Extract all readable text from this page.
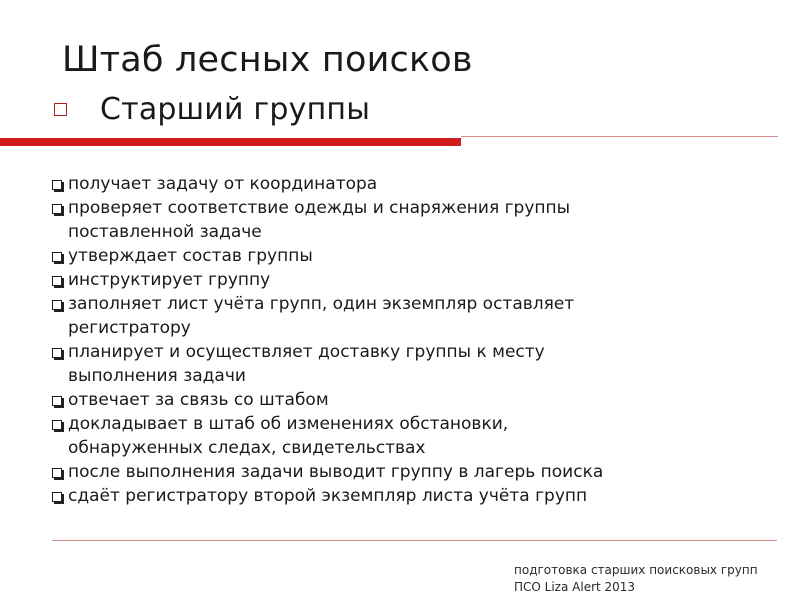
Штаб лесных поисков
Старший группы
получает задачу от координатора
проверяет соответствие одежды и снаряжения группы
поставленной задаче
утверждает состав группы
инструктирует группу
заполняет лист учёта групп, один экземпляр оставляет
регистратору
планирует и осуществляет доставку группы к месту
выполнения задачи
отвечает за связь со штабом
докладывает в штаб об изменениях обстановки,
обнаруженных следах, свидетельствах
после выполнения задачи выводит группу в лагерь поиска
сдаёт регистратору второй экземпляр листа учёта групп
подготовка старших поисковых групп
ПСО Liza Alert 2013
